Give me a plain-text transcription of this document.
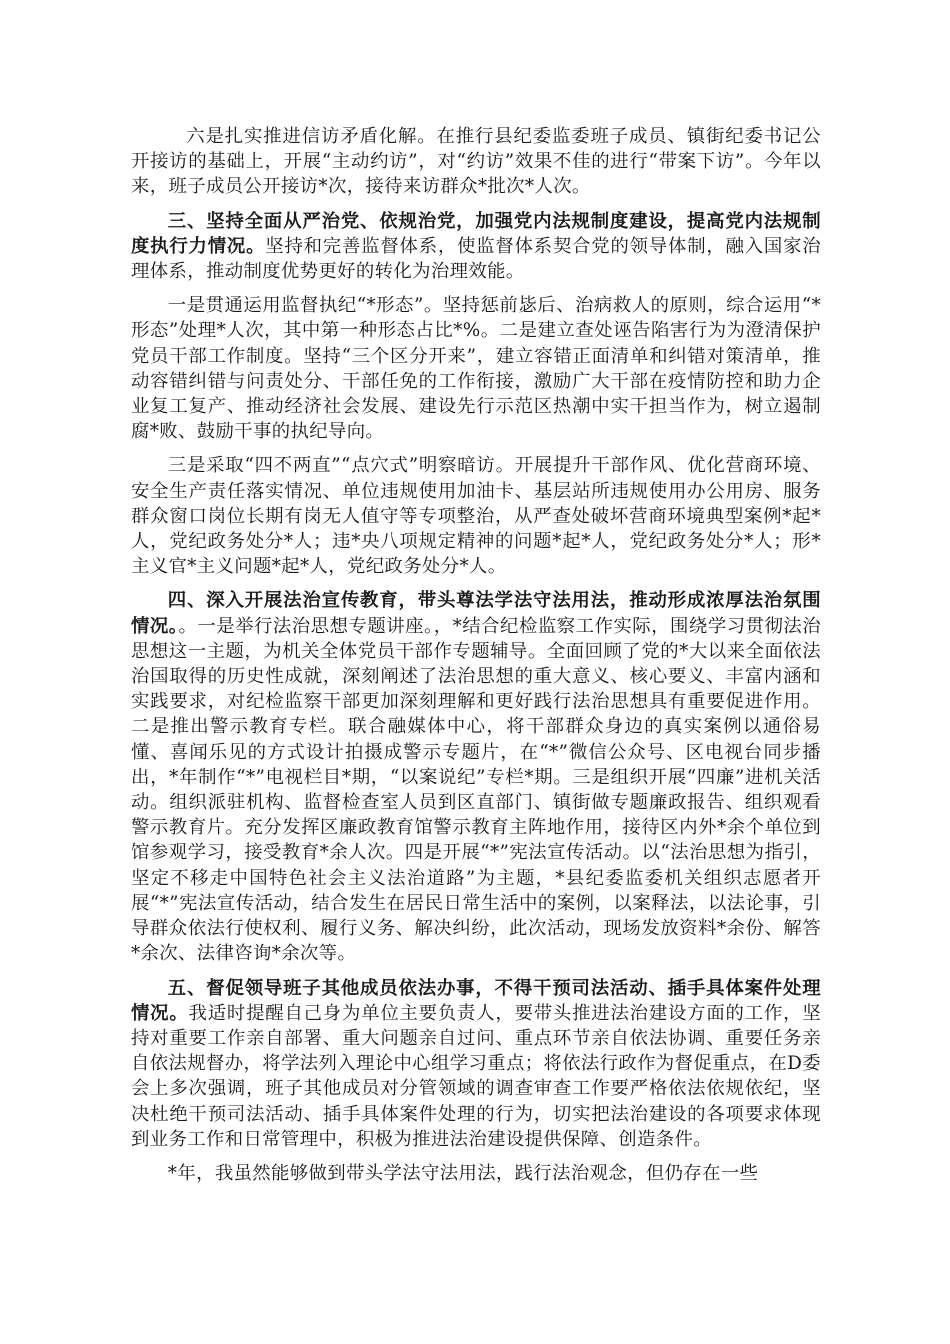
六是扎实推进信访矛盾化解。在推行县纪委监委班子成员、镇街纪委书记公开接访的基础上，开展“主动约访”，对“约访”效果不佳的进行“带案下访”。今年以来，班子成员公开接访*次，接待来访群众*批次*人次。

三、坚持全面从严治党、依规治党，加强党内法规制度建设，提高党内法规制度执行力情况。坚持和完善监督体系，使监督体系契合党的领导体制，融入国家治理体系，推动制度优势更好的转化为治理效能。

一是贯通运用监督执纪“*形态”。坚持惩前毖后、治病救人的原则，综合运用“*形态”处理*人次，其中第一种形态占比*%。二是建立查处诬告陷害行为为澄清保护党员干部工作制度。坚持“三个区分开来”，建立容错正面清单和纠错对策清单，推动容错纠错与问责处分、干部任免的工作衔接，激励广大干部在疫情防控和助力企业复工复产、推动经济社会发展、建设先行示范区热潮中实干担当作为，树立遏制腐*败、鼓励干事的执纪导向。

三是采取“四不两直”“点穴式”明察暗访。开展提升干部作风、优化营商环境、安全生产责任落实情况、单位违规使用加油卡、基层站所违规使用办公用房、服务群众窗口岗位长期有岗无人值守等专项整治，从严查处破坏营商环境典型案例*起*人，党纪政务处分*人；违*央八项规定精神的问题*起*人，党纪政务处分*人；形*主义官*主义问题*起*人，党纪政务处分*人。

四、深入开展法治宣传教育，带头尊法学法守法用法，推动形成浓厚法治氛围情况。。一是举行法治思想专题讲座。，*结合纪检监察工作实际，围绕学习贯彻法治思想这一主题，为机关全体党员干部作专题辅导。全面回顾了党的*大以来全面依法治国取得的历史性成就，深刻阐述了法治思想的重大意义、核心要义、丰富内涵和实践要求，对纪检监察干部更加深刻理解和更好践行法治思想具有重要促进作用。二是推出警示教育专栏。联合融媒体中心，将干部群众身边的真实案例以通俗易懂、喜闻乐见的方式设计拍摄成警示专题片，在“*”微信公众号、区电视台同步播出，*年制作“*”电视栏目*期，“以案说纪”专栏*期。三是组织开展“四廉”进机关活动。组织派驻机构、监督检查室人员到区直部门、镇街做专题廉政报告、组织观看警示教育片。充分发挥区廉政教育馆警示教育主阵地作用，接待区内外*余个单位到馆参观学习，接受教育*余人次。四是开展“*”宪法宣传活动。以“法治思想为指引，坚定不移走中国特色社会主义法治道路”为主题，*县纪委监委机关组织志愿者开展“*”宪法宣传活动，结合发生在居民日常生活中的案例，以案释法，以法论事，引导群众依法行使权利、履行义务、解决纠纷，此次活动，现场发放资料*余份、解答*余次、法律咨询*余次等。

五、督促领导班子其他成员依法办事，不得干预司法活动、插手具体案件处理情况。我适时提醒自己身为单位主要负责人，要带头推进法治建设方面的工作，坚持对重要工作亲自部署、重大问题亲自过问、重点环节亲自依法协调、重要任务亲自依法规督办，将学法列入理论中心组学习重点；将依法行政作为督促重点，在D委会上多次强调，班子其他成员对分管领域的调查审查工作要严格依法依规依纪，坚决杜绝干预司法活动、插手具体案件处理的行为，切实把法治建设的各项要求体现到业务工作和日常管理中，积极为推进法治建设提供保障、创造条件。

*年，我虽然能够做到带头学法守法用法，践行法治观念，但仍存在一些
